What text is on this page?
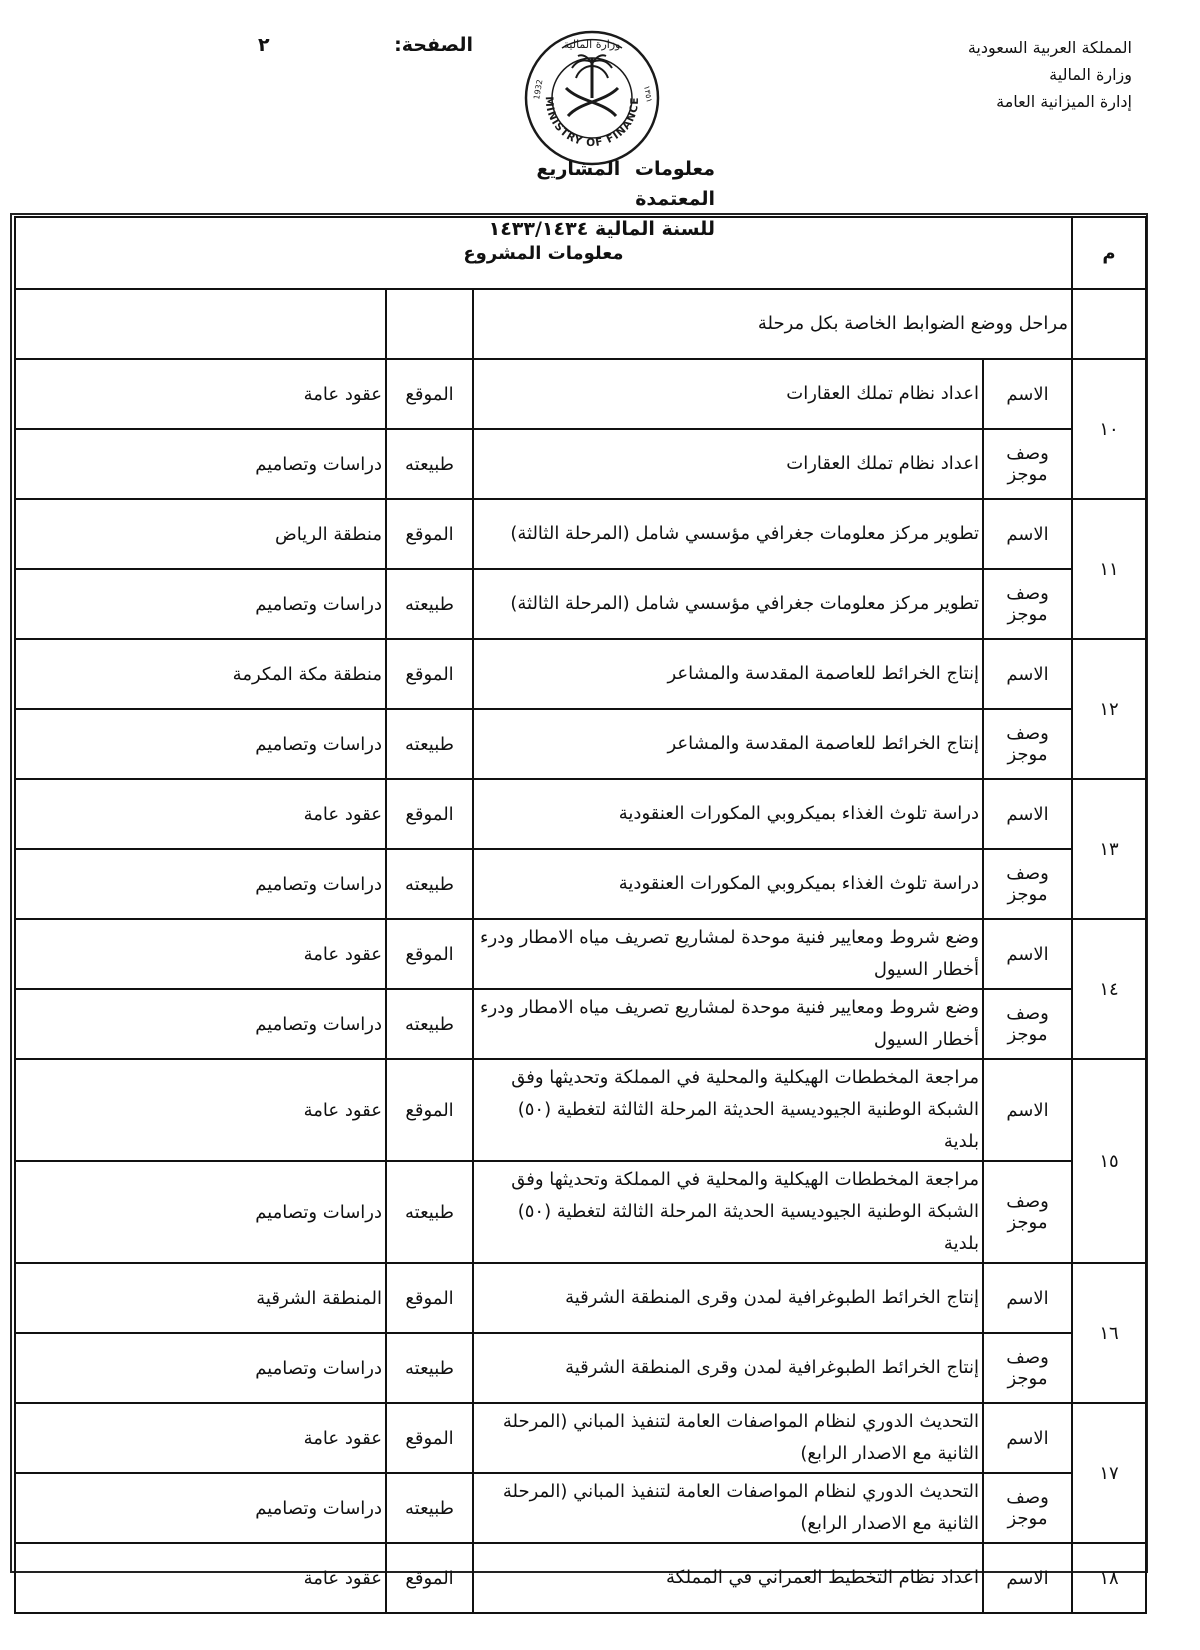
المملكة العربية السعودية
وزارة المالية
إدارة الميزانية العامة
الصفحة:
٢	وزارة المالية
MINISTRY OF FINANCE
1932	١٣٥١
معلومات المشاريع المعتمدة
للسنة المالية ١٤٣٣/١٤٣٤
م	معلومات المشروع			
	مراحل ووضع الضوابط الخاصة بكل مرحلة			
١٠	الاسم	اعداد نظام تملك العقارات	الموقع	عقود عامة
	وصف موجز	اعداد نظام تملك العقارات	طبيعته	دراسات وتصاميم
١١	الاسم	تطوير مركز معلومات جغرافي مؤسسي شامل (المرحلة الثالثة)	الموقع	منطقة الرياض
	وصف موجز	تطوير مركز معلومات جغرافي مؤسسي شامل (المرحلة الثالثة)	طبيعته	دراسات وتصاميم
١٢	الاسم	إنتاج الخرائط للعاصمة المقدسة والمشاعر	الموقع	منطقة مكة المكرمة
	وصف موجز	إنتاج الخرائط للعاصمة المقدسة والمشاعر	طبيعته	دراسات وتصاميم
١٣	الاسم	دراسة تلوث الغذاء بميكروبي المكورات العنقودية	الموقع	عقود عامة
	وصف موجز	دراسة تلوث الغذاء بميكروبي المكورات العنقودية	طبيعته	دراسات وتصاميم
١٤	الاسم	وضع شروط ومعايير فنية موحدة لمشاريع تصريف مياه الامطار ودرء أخطار السيول	الموقع	عقود عامة
	وصف موجز	وضع شروط ومعايير فنية موحدة لمشاريع تصريف مياه الامطار ودرء أخطار السيول	طبيعته	دراسات وتصاميم
١٥	الاسم	مراجعة المخططات الهيكلية والمحلية في المملكة وتحديثها وفق الشبكة الوطنية الجيوديسية الحديثة المرحلة الثالثة لتغطية (٥٠) بلدية	الموقع	عقود عامة
	وصف موجز	مراجعة المخططات الهيكلية والمحلية في المملكة وتحديثها وفق الشبكة الوطنية الجيوديسية الحديثة المرحلة الثالثة لتغطية (٥٠) بلدية	طبيعته	دراسات وتصاميم
١٦	الاسم	إنتاج الخرائط الطبوغرافية لمدن وقرى المنطقة الشرقية	الموقع	المنطقة الشرقية
	وصف موجز	إنتاج الخرائط الطبوغرافية لمدن وقرى المنطقة الشرقية	طبيعته	دراسات وتصاميم
١٧	الاسم	التحديث الدوري لنظام المواصفات العامة لتنفيذ المباني (المرحلة الثانية مع الاصدار الرابع)	الموقع	عقود عامة
	وصف موجز	التحديث الدوري لنظام المواصفات العامة لتنفيذ المباني (المرحلة الثانية مع الاصدار الرابع)	طبيعته	دراسات وتصاميم
١٨	الاسم	اعداد نظام التخطيط العمراني في المملكة	الموقع	عقود عامة
